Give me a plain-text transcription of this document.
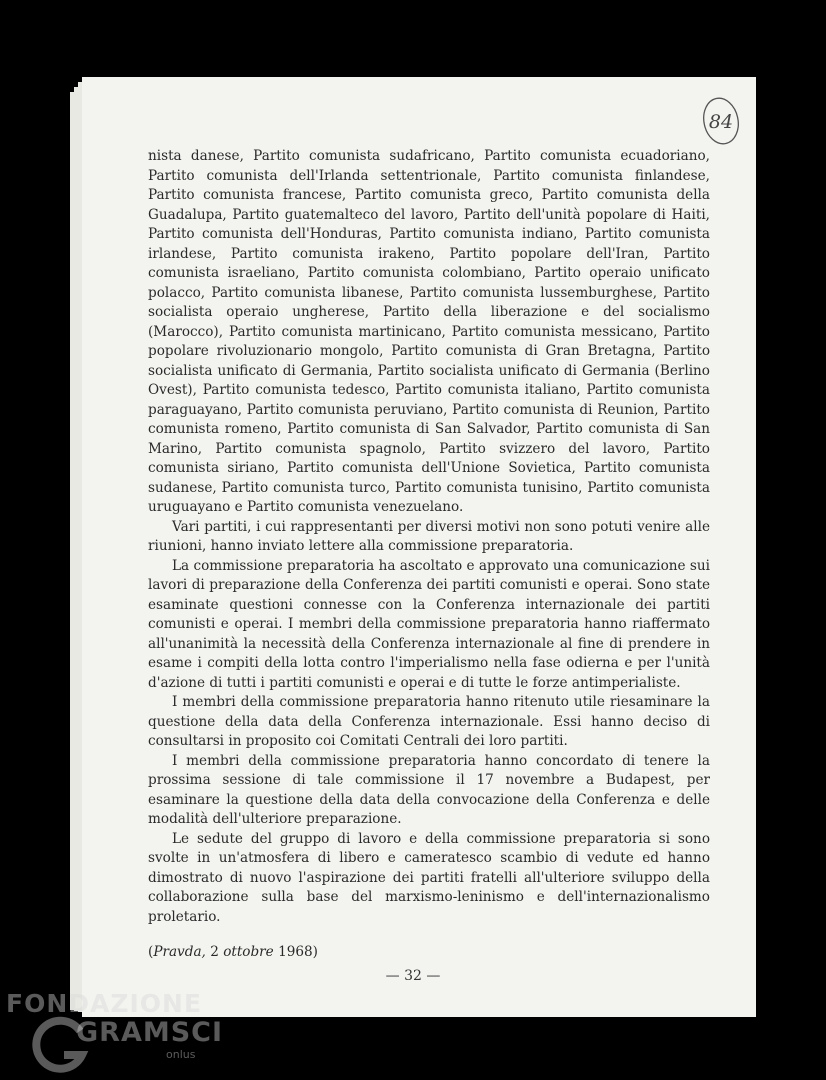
84

nista danese, Partito comunista sudafricano, Partito comunista ecuadoriano, Partito comunista dell'Irlanda settentrionale, Partito comunista finlandese, Partito comunista francese, Partito comunista greco, Partito comunista della Guadalupa, Partito guatemalteco del lavoro, Partito dell'unità popolare di Haiti, Partito comunista dell'Honduras, Partito comunista indiano, Partito comunista irlandese, Partito comunista irakeno, Partito popolare dell'Iran, Partito comunista israeliano, Partito comunista colombiano, Partito operaio unificato polacco, Partito comunista libanese, Partito comunista lussemburghese, Partito socialista operaio ungherese, Partito della liberazione e del socialismo (Marocco), Partito comunista martinicano, Partito comunista messicano, Partito popolare rivoluzionario mongolo, Partito comunista di Gran Bretagna, Partito socialista unificato di Germania, Partito socialista unificato di Germania (Berlino Ovest), Partito comunista tedesco, Partito comunista italiano, Partito comunista paraguayano, Partito comunista peruviano, Partito comunista di Reunion, Partito comunista romeno, Partito comunista di San Salvador, Partito comunista di San Marino, Partito comunista spagnolo, Partito svizzero del lavoro, Partito comunista siriano, Partito comunista dell'Unione Sovietica, Partito comunista sudanese, Partito comunista turco, Partito comunista tunisino, Partito comunista uruguayano e Partito comunista venezuelano.

Vari partiti, i cui rappresentanti per diversi motivi non sono potuti venire alle riunioni, hanno inviato lettere alla commissione preparatoria.

La commissione preparatoria ha ascoltato e approvato una comunicazione sui lavori di preparazione della Conferenza dei partiti comunisti e operai. Sono state esaminate questioni connesse con la Conferenza internazionale dei partiti comunisti e operai. I membri della commissione preparatoria hanno riaffermato all'unanimità la necessità della Conferenza internazionale al fine di prendere in esame i compiti della lotta contro l'imperialismo nella fase odierna e per l'unità d'azione di tutti i partiti comunisti e operai e di tutte le forze antimperialiste.

I membri della commissione preparatoria hanno ritenuto utile riesaminare la questione della data della Conferenza internazionale. Essi hanno deciso di consultarsi in proposito coi Comitati Centrali dei loro partiti.

I membri della commissione preparatoria hanno concordato di tenere la prossima sessione di tale commissione il 17 novembre a Budapest, per esaminare la questione della data della convocazione della Conferenza e delle modalità dell'ulteriore preparazione.

Le sedute del gruppo di lavoro e della commissione preparatoria si sono svolte in un'atmosfera di libero e cameratesco scambio di vedute ed hanno dimostrato di nuovo l'aspirazione dei partiti fratelli all'ulteriore sviluppo della collaborazione sulla base del marxismo-leninismo e dell'internazionalismo proletario.

(Pravda, 2 ottobre 1968)
— 32 —
FONDAZIONE
GRAMSCI
onlus
